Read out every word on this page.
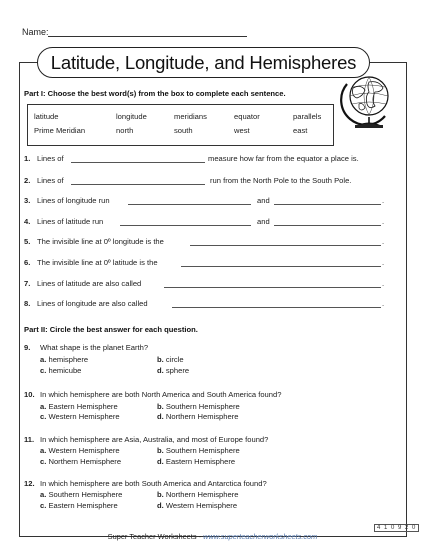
Name:
Latitude, Longitude, and Hemispheres
Part I: Choose the best word(s) from the box to complete each sentence.
latitude	longitude	meridians	equator	parallels
Prime Meridian	north	south	west	east
1. Lines of	measure how far from the equator a place is.
2. Lines of	run from the North Pole to the South Pole.
3. Lines of longitude run	and	.
4. Lines of latitude run	and	.
5. The invisible line at 0º longitude is the	.
6. The invisible line at 0º latitude is the	.
7. Lines of latitude are also called	.
8. Lines of longitude are also called	.
Part II: Circle the best answer for each question.
9. What shape is the planet Earth?
a. hemisphere	b. circle
c. hemicube	d. sphere
10. In which hemisphere are both North America and South America found?
a. Eastern Hemisphere	b. Southern Hemisphere
c. Western Hemisphere	d. Northern Hemisphere
11. In which hemisphere are Asia, Australia, and most of Europe found?
a. Western Hemisphere	b. Southern Hemisphere
c. Northern Hemisphere	d. Eastern Hemisphere
12. In which hemisphere are both South America and Antarctica found?
a. Southern Hemisphere	b. Northern Hemisphere
c. Eastern Hemisphere	d. Western Hemisphere
4 1 0 9 2 0
Super Teacher Worksheets - www.superteacherworksheets.com
